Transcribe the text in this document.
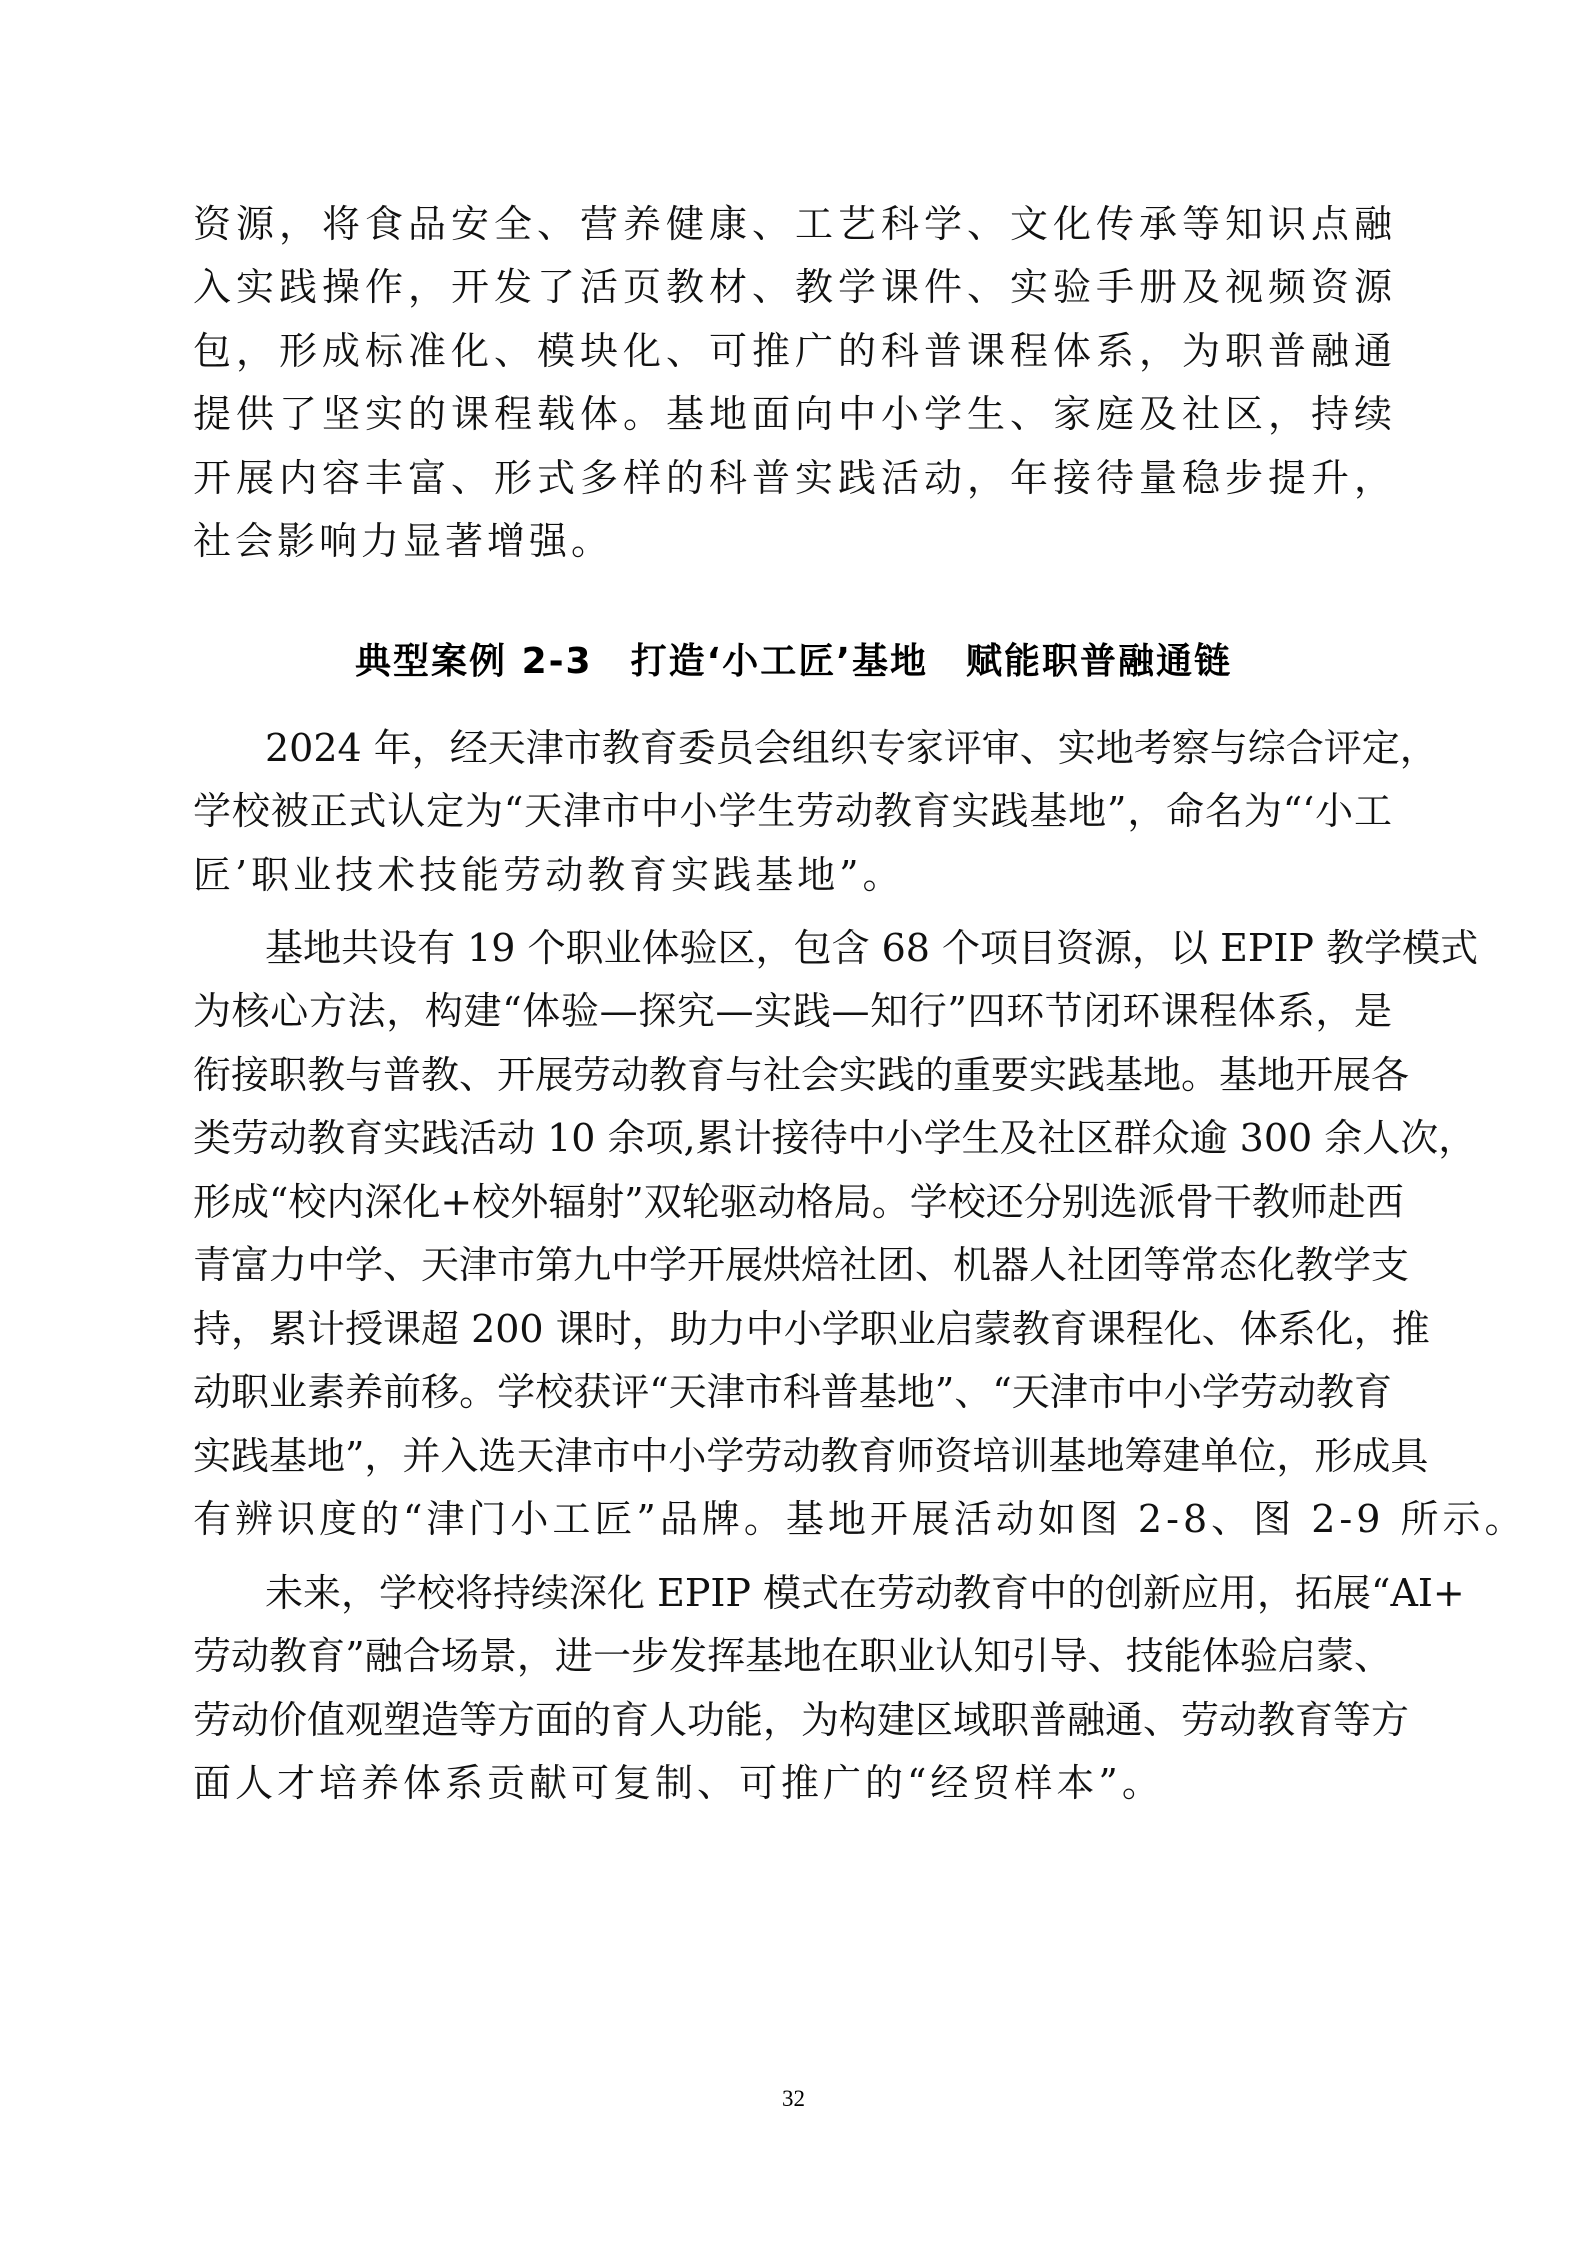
资源，将食品安全、营养健康、工艺科学、文化传承等知识点融
入实践操作，开发了活页教材、教学课件、实验手册及视频资源
包，形成标准化、模块化、可推广的科普课程体系，为职普融通
提供了坚实的课程载体。基地面向中小学生、家庭及社区，持续
开展内容丰富、形式多样的科普实践活动，年接待量稳步提升，
社会影响力显著增强。
典型案例 2-3　打造‘小工匠’基地　赋能职普融通链
2024 年，经天津市教育委员会组织专家评审、实地考察与综合评定，
学校被正式认定为“天津市中小学生劳动教育实践基地”，命名为“‘小工
匠’职业技术技能劳动教育实践基地”。
基地共设有 19 个职业体验区，包含 68 个项目资源，以 EPIP 教学模式
为核心方法，构建“体验—探究—实践—知行”四环节闭环课程体系，是
衔接职教与普教、开展劳动教育与社会实践的重要实践基地。基地开展各
类劳动教育实践活动 10 余项,累计接待中小学生及社区群众逾 300 余人次，
形成“校内深化+校外辐射”双轮驱动格局。学校还分别选派骨干教师赴西
青富力中学、天津市第九中学开展烘焙社团、机器人社团等常态化教学支
持，累计授课超 200 课时，助力中小学职业启蒙教育课程化、体系化，推
动职业素养前移。学校获评“天津市科普基地”、“天津市中小学劳动教育
实践基地”，并入选天津市中小学劳动教育师资培训基地筹建单位，形成具
有辨识度的“津门小工匠”品牌。基地开展活动如图 2-8、图 2-9 所示。
未来，学校将持续深化 EPIP 模式在劳动教育中的创新应用，拓展“AI+
劳动教育”融合场景，进一步发挥基地在职业认知引导、技能体验启蒙、
劳动价值观塑造等方面的育人功能，为构建区域职普融通、劳动教育等方
面人才培养体系贡献可复制、可推广的“经贸样本”。
32
